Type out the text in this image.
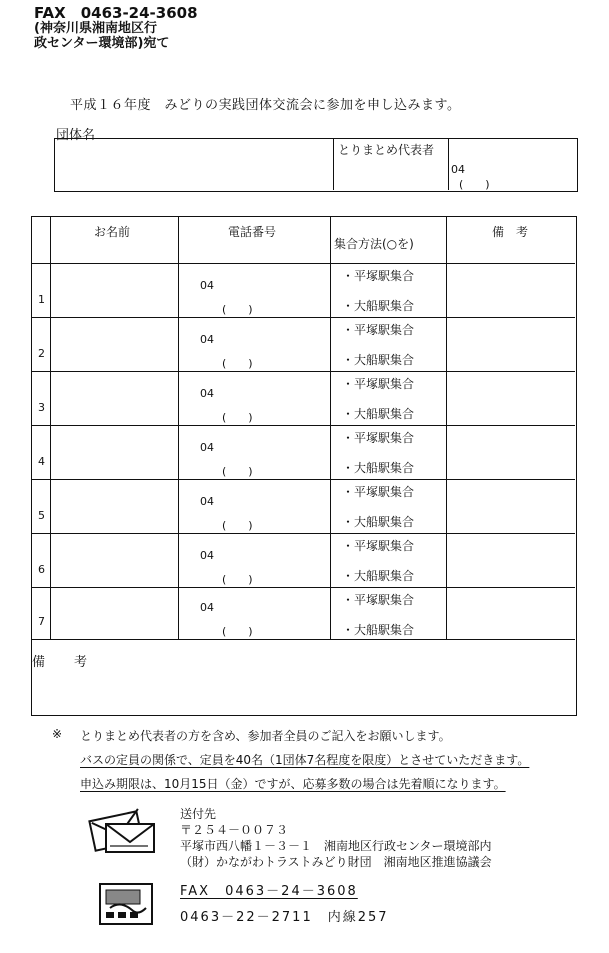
FAX　0463-24-3608
(神奈川県湘南地区行
政センター環境部)宛て
平成１６年度　みどりの実践団体交流会に参加を申し込みます。
団体名
とりまとめ代表者
04
(　　)
お名前	電話番号
集合方法(○を)
備　考
1
04
(　　)
・平塚駅集合
・大船駅集合
2
04
(　　)
・平塚駅集合
・大船駅集合
3
04
(　　)
・平塚駅集合
・大船駅集合
4
04
(　　)
・平塚駅集合
・大船駅集合
5
04
(　　)
・平塚駅集合
・大船駅集合
6
04
(　　)
・平塚駅集合
・大船駅集合
7
04
(　　)
・平塚駅集合
・大船駅集合
備　考
※ とりまとめ代表者の方を含め、参加者全員のご記入をお願いします。
バスの定員の関係で、定員を40名（1団体7名程度を限度）とさせていただきます。
申込み期限は、10月15日（金）ですが、応募多数の場合は先着順になります。
送付先
〒２５４－００７３
平塚市西八幡１－３－１　湘南地区行政センター環境部内
（財）かながわトラストみどり財団　湘南地区推進協議会
FAX　0463－24－3608
0463－22－2711　内線257
